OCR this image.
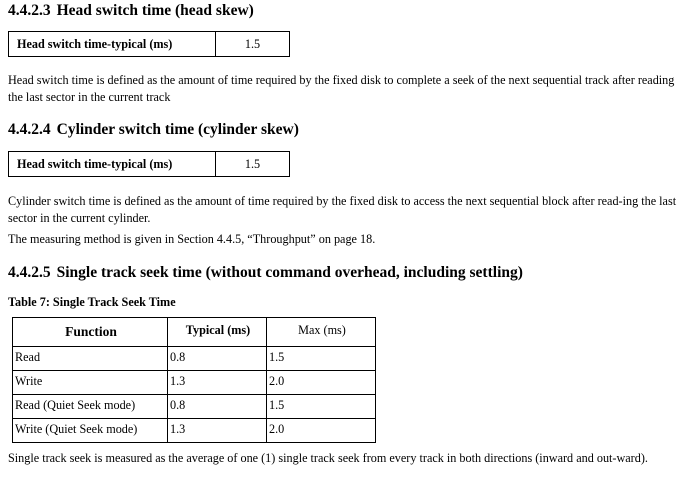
4.4.2.3 Head switch time (head skew)
Head switch time-typical (ms)	1.5

Head switch time is defined as the amount of time required by the fixed disk to complete a seek of the next sequential track after reading the last sector in the current track

4.4.2.4 Cylinder switch time (cylinder skew)
Head switch time-typical (ms)	1.5

Cylinder switch time is defined as the amount of time required by the fixed disk to access the next sequential block after read-ing the last sector in the current cylinder.

The measuring method is given in Section 4.4.5, “Throughput” on page 18.

4.4.2.5 Single track seek time (without command overhead, including settling)

Table 7: Single Track Seek Time

Function	Typical (ms)	Max (ms)
Read	0.8	1.5
Write	1.3	2.0
Read (Quiet Seek mode)	0.8	1.5
Write (Quiet Seek mode)	1.3	2.0

Single track seek is measured as the average of one (1) single track seek from every track in both directions (inward and out-ward).
